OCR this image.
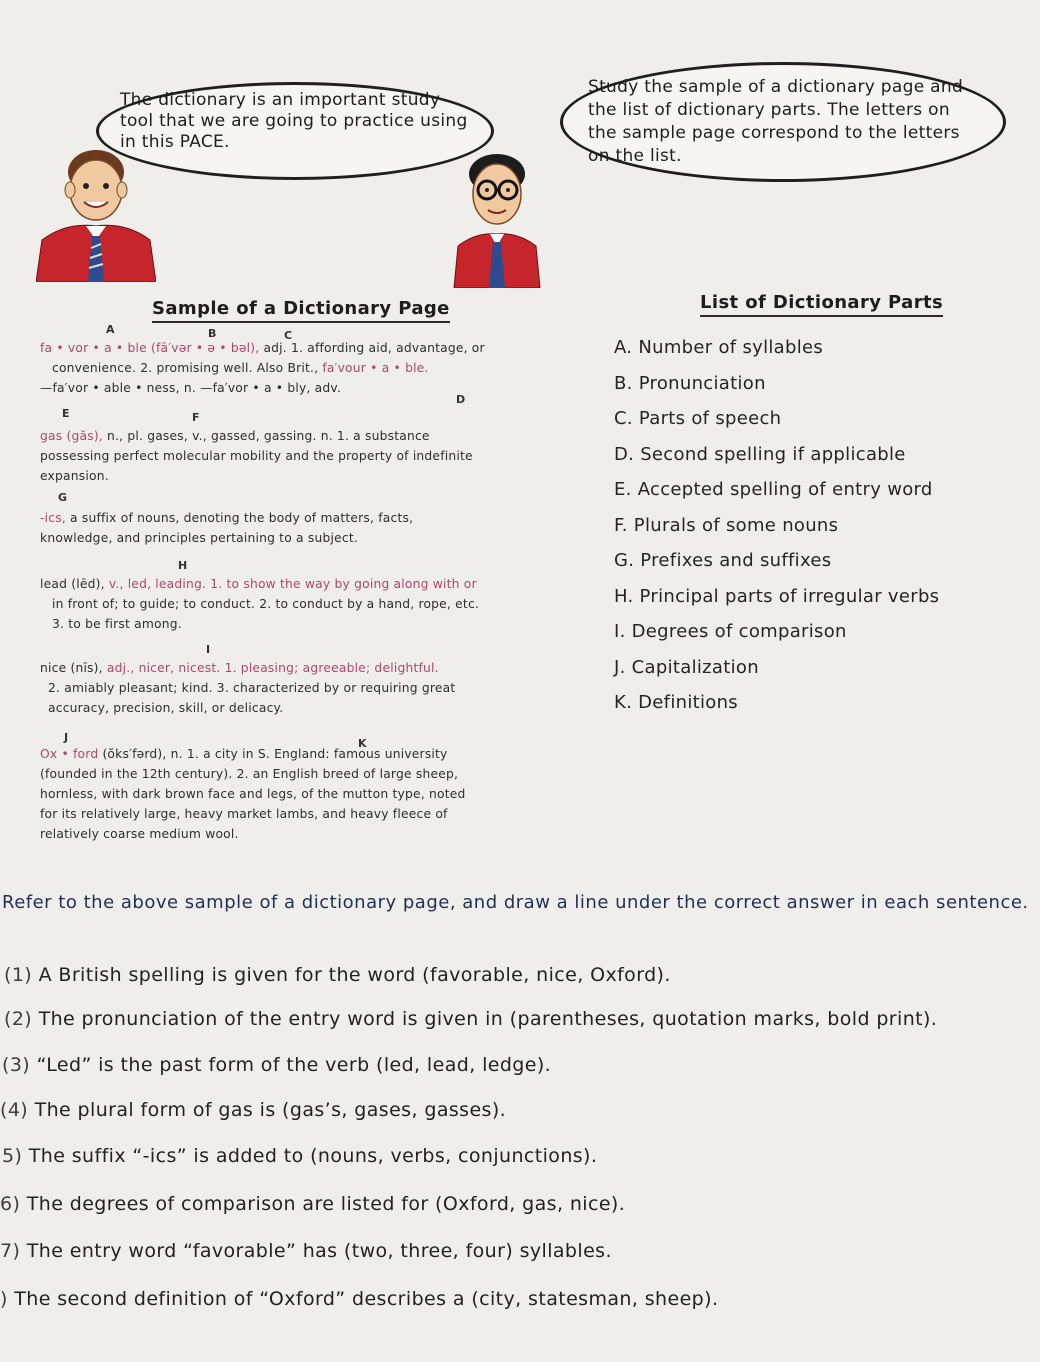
The dictionary is an important study tool that we are going to practice using in this PACE.
Study the sample of a dictionary page and the list of dictionary parts. The letters on the sample page correspond to the letters on the list.
Sample of a Dictionary Page	List of Dictionary Parts
A	B	C
fa • vor • a • ble (fā′vər • ə • bəl), adj. 1. affording aid, advantage, or
convenience. 2. promising well. Also Brit., fa′vour • a • ble.
—fa′vor • able • ness, n. —fa′vor • a • bly, adv.
D
E	F
gas (găs), n., pl. gases, v., gassed, gassing. n. 1. a substance
possessing perfect molecular mobility and the property of indefinite
expansion.
G
-ics, a suffix of nouns, denoting the body of matters, facts,
knowledge, and principles pertaining to a subject.
H
lead (lēd), v., led, leading. 1. to show the way by going along with or
in front of; to guide; to conduct. 2. to conduct by a hand, rope, etc.
3. to be first among.
I
nice (nīs), adj., nicer, nicest. 1. pleasing; agreeable; delightful.
2. amiably pleasant; kind. 3. characterized by or requiring great
accuracy, precision, skill, or delicacy.
J	K
Ox • ford (ŏks′fərd), n. 1. a city in S. England: famous university
(founded in the 12th century). 2. an English breed of large sheep,
hornless, with dark brown face and legs, of the mutton type, noted
for its relatively large, heavy market lambs, and heavy fleece of
relatively coarse medium wool.
A. Number of syllables
B. Pronunciation
C. Parts of speech
D. Second spelling if applicable
E. Accepted spelling of entry word
F. Plurals of some nouns
G. Prefixes and suffixes
H. Principal parts of irregular verbs
I. Degrees of comparison
J. Capitalization
K. Definitions
Refer to the above sample of a dictionary page, and draw a line under the correct answer in each sentence.
(1) A British spelling is given for the word (favorable, nice, Oxford).
(2) The pronunciation of the entry word is given in (parentheses, quotation marks, bold print).
(3) “Led” is the past form of the verb (led, lead, ledge).
(4) The plural form of gas is (gas’s, gases, gasses).
5) The suffix “-ics” is added to (nouns, verbs, conjunctions).
6) The degrees of comparison are listed for (Oxford, gas, nice).
7) The entry word “favorable” has (two, three, four) syllables.
) The second definition of “Oxford” describes a (city, statesman, sheep).
